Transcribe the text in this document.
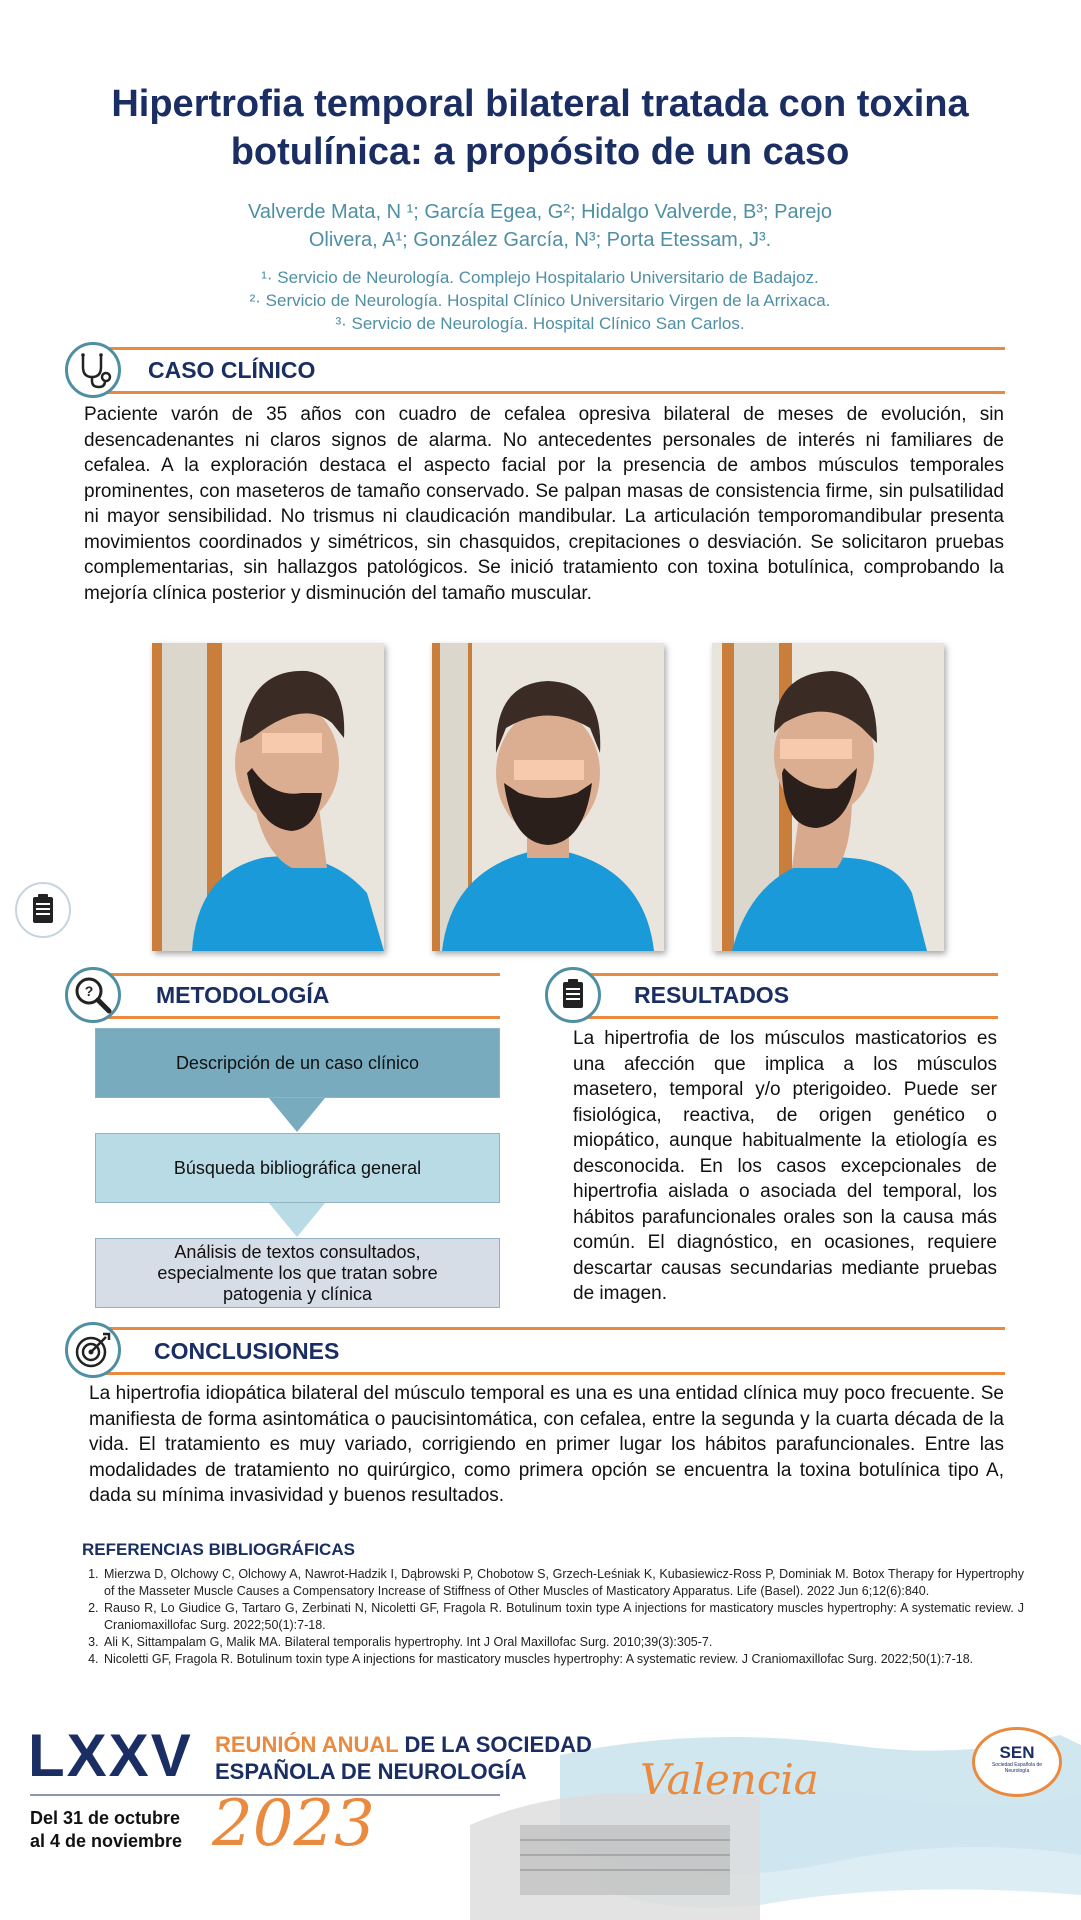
Hipertrofia temporal bilateral tratada con toxina botulínica: a propósito de un caso
Valverde Mata, N ¹; García Egea, G²; Hidalgo Valverde, B³; Parejo
Olivera, A¹; González García, N³; Porta Etessam, J³.
¹· Servicio de Neurología. Complejo Hospitalario Universitario de Badajoz.
²· Servicio de Neurología. Hospital Clínico Universitario Virgen de la Arrixaca.
³· Servicio de Neurología. Hospital Clínico San Carlos.
CASO CLÍNICO
Paciente varón de 35 años con cuadro de cefalea opresiva bilateral de meses de evolución, sin desencadenantes ni claros signos de alarma. No antecedentes personales de interés ni familiares de cefalea. A la exploración destaca el aspecto facial por la presencia de ambos músculos temporales prominentes, con maseteros de tamaño conservado. Se palpan masas de consistencia firme, sin pulsatilidad ni mayor sensibilidad. No trismus ni claudicación mandibular. La articulación temporomandibular presenta movimientos coordinados y simétricos, sin chasquidos, crepitaciones o desviación. Se solicitaron pruebas complementarias, sin hallazgos patológicos. Se inició tratamiento con toxina botulínica, comprobando la mejoría clínica posterior y disminución del tamaño muscular.
?	METODOLOGÍA
Descripción de un caso clínico
Búsqueda bibliográfica general
Análisis de textos consultados, especialmente los que tratan sobre patogenia y clínica
RESULTADOS
La hipertrofia de los músculos masticatorios es una afección que implica a los músculos masetero, temporal y/o pterigoideo. Puede ser fisiológica, reactiva, de origen genético o miopático, aunque habitualmente la etiología es desconocida. En los casos excepcionales de hipertrofia aislada o asociada del temporal, los hábitos parafuncionales orales son la causa más común. El diagnóstico, en ocasiones, requiere descartar causas secundarias mediante pruebas de imagen.
CONCLUSIONES
La hipertrofia idiopática bilateral del músculo temporal es una es una entidad clínica muy poco frecuente. Se manifiesta de forma asintomática o paucisintomática, con cefalea, entre la segunda y la cuarta década de la vida. El tratamiento es muy variado, corrigiendo en primer lugar los hábitos parafuncionales. Entre las modalidades de tratamiento no quirúrgico, como primera opción se encuentra la toxina botulínica tipo A, dada su mínima invasividad y buenos resultados.
REFERENCIAS BIBLIOGRÁFICAS
1. Mierzwa D, Olchowy C, Olchowy A, Nawrot-Hadzik I, Dąbrowski P, Chobotow S, Grzech-Leśniak K, Kubasiewicz-Ross P, Dominiak M. Botox Therapy for Hypertrophy of the Masseter Muscle Causes a Compensatory Increase of Stiffness of Other Muscles of Masticatory Apparatus. Life (Basel). 2022 Jun 6;12(6):840.
2. Rauso R, Lo Giudice G, Tartaro G, Zerbinati N, Nicoletti GF, Fragola R. Botulinum toxin type A injections for masticatory muscles hypertrophy: A systematic review. J Craniomaxillofac Surg. 2022;50(1):7-18.
3. Ali K, Sittampalam G, Malik MA. Bilateral temporalis hypertrophy. Int J Oral Maxillofac Surg. 2010;39(3):305-7.
4. Nicoletti GF, Fragola R. Botulinum toxin type A injections for masticatory muscles hypertrophy: A systematic review. J Craniomaxillofac Surg. 2022;50(1):7-18.
LXXV REUNIÓN ANUAL DE LA SOCIEDAD
ESPAÑOLA DE NEUROLOGÍA	Valencia
Del 31 de octubre
al 4 de noviembre 2023
SEN
Sociedad Española de Neurología
